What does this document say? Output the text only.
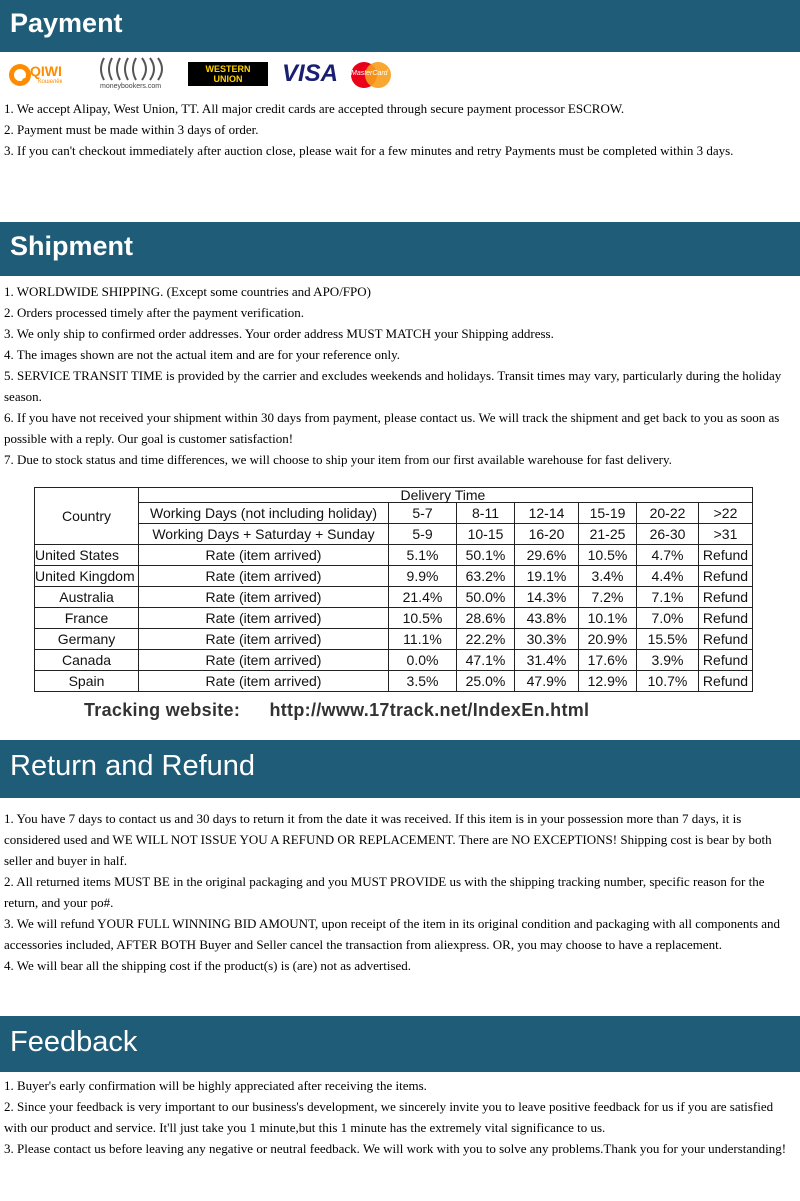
Payment
QIWI
Кошелёк
moneybookers.com
WESTERN
UNION	VISA MasterCard

1. We accept Alipay, West Union, TT. All major credit cards are accepted through secure payment processor ESCROW.

2. Payment must be made within 3 days of order.

3. If you can't checkout immediately after auction close, please wait for a few minutes and retry Payments must be completed within 3 days.

Shipment

1. WORLDWIDE SHIPPING. (Except some countries and APO/FPO)

2. Orders processed timely after the payment verification.

3. We only ship to confirmed order addresses. Your order address MUST MATCH your Shipping address.

4. The images shown are not the actual item and are for your reference only.

5. SERVICE TRANSIT TIME is provided by the carrier and excludes weekends and holidays. Transit times may vary, particularly during the holiday season.

6. If you have not received your shipment within 30 days from payment, please contact us. We will track the shipment and get back to you as soon as possible with a reply. Our goal is customer satisfaction!

7. Due to stock status and time differences, we will choose to ship your item from our first available warehouse for fast delivery.

Country		Delivery Time					
	Working Days (not including holiday)	5-7	8-11	12-14	15-19	20-22	>22
	Working Days + Saturday + Sunday	5-9	10-15	16-20	21-25	26-30	>31
United States	Rate (item arrived)	5.1%	50.1%	29.6%	10.5%	4.7%	Refund
United Kingdom	Rate (item arrived)	9.9%	63.2%	19.1%	3.4%	4.4%	Refund
Australia	Rate (item arrived)	21.4%	50.0%	14.3%	7.2%	7.1%	Refund
France	Rate (item arrived)	10.5%	28.6%	43.8%	10.1%	7.0%	Refund
Germany	Rate (item arrived)	11.1%	22.2%	30.3%	20.9%	15.5%	Refund
Canada	Rate (item arrived)	0.0%	47.1%	31.4%	17.6%	3.9%	Refund
Spain	Rate (item arrived)	3.5%	25.0%	47.9%	12.9%	10.7%	Refund
Tracking website: http://www.17track.net/IndexEn.html
Return and Refund

1. You have 7 days to contact us and 30 days to return it from the date it was received. If this item is in your possession more than 7 days, it is considered used and WE WILL NOT ISSUE YOU A REFUND OR REPLACEMENT. There are NO EXCEPTIONS! Shipping cost is bear by both seller and buyer in half.

2. All returned items MUST BE in the original packaging and you MUST PROVIDE us with the shipping tracking number, specific reason for the return, and your po#.

3. We will refund YOUR FULL WINNING BID AMOUNT, upon receipt of the item in its original condition and packaging with all components and accessories included, AFTER BOTH Buyer and Seller cancel the transaction from aliexpress. OR, you may choose to have a replacement.

4. We will bear all the shipping cost if the product(s) is (are) not as advertised.

Feedback

1. Buyer's early confirmation will be highly appreciated after receiving the items.

2. Since your feedback is very important to our business's development, we sincerely invite you to leave positive feedback for us if you are satisfied with our product and service. It'll just take you 1 minute,but this 1 minute has the extremely vital significance to us.

3. Please contact us before leaving any negative or neutral feedback. We will work with you to solve any problems.Thank you for your understanding!
